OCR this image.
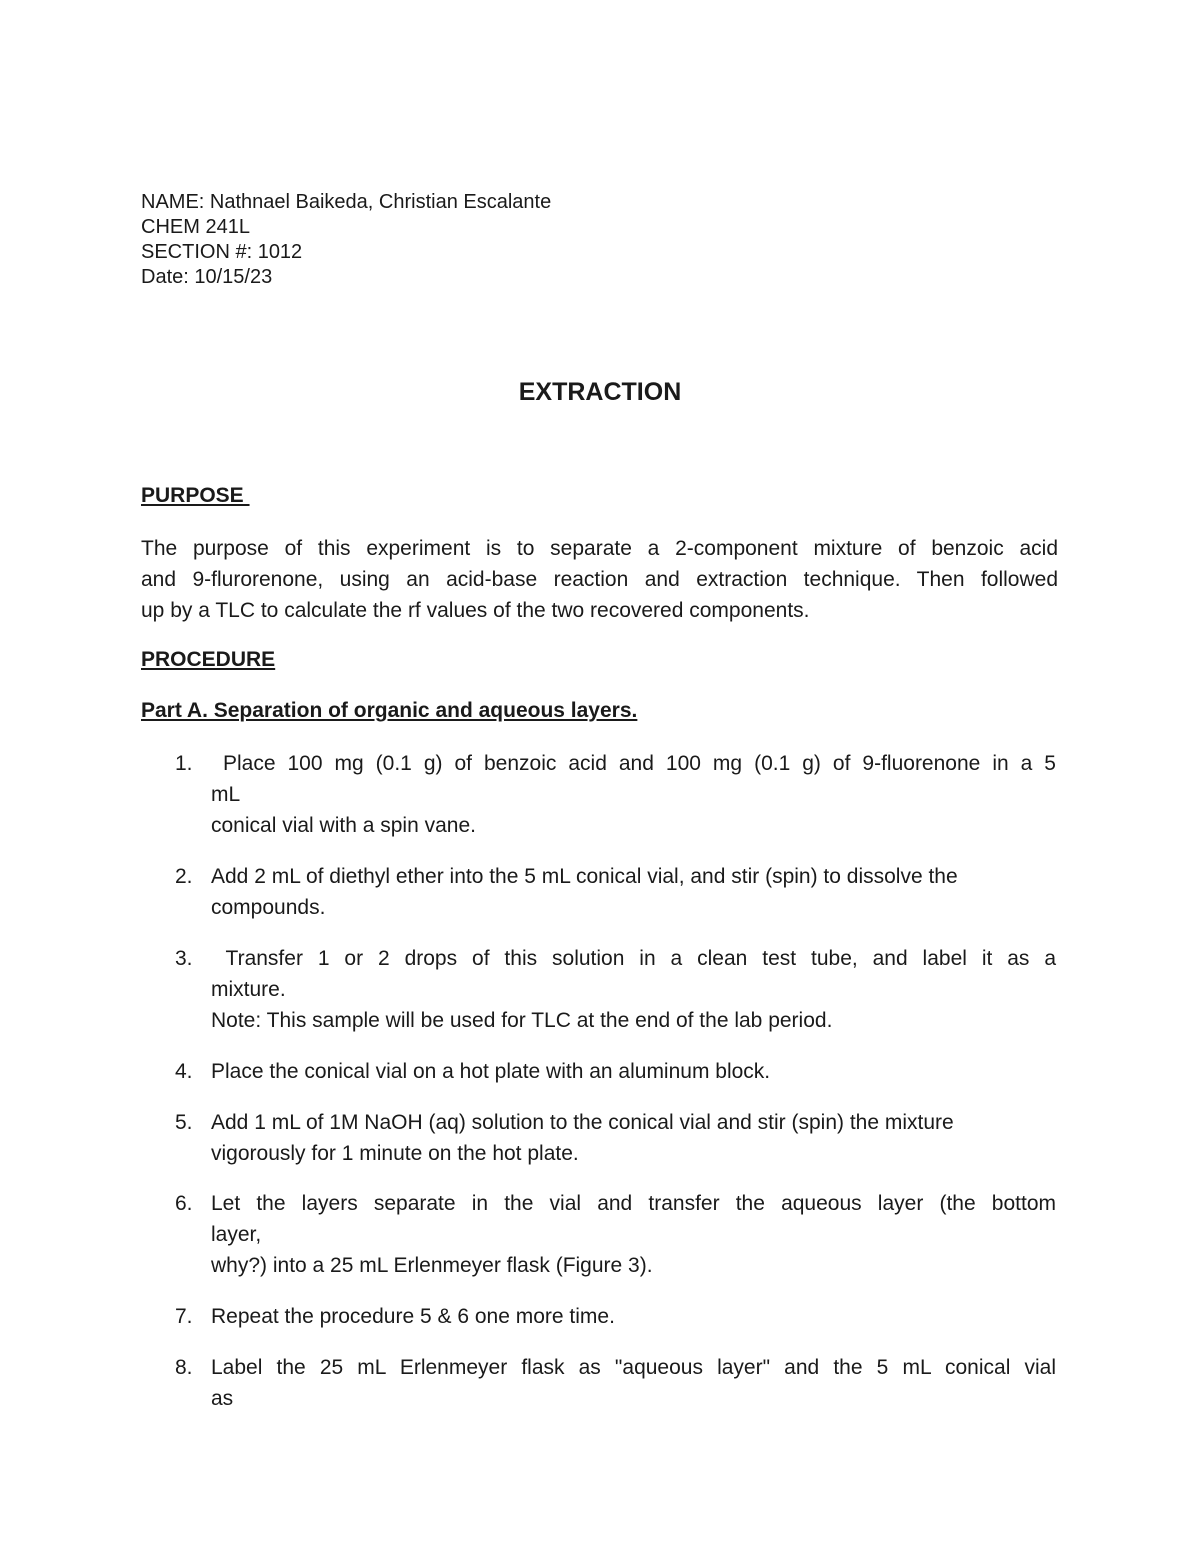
NAME: Nathnael Baikeda, Christian Escalante
CHEM 241L
SECTION #: 1012
Date: 10/15/23
EXTRACTION
PURPOSE
The purpose of this experiment is to separate a 2-component mixture of benzoic acid
and 9-flurorenone, using an acid-base reaction and extraction technique. Then followed
up by a TLC to calculate the rf values of the two recovered components.
PROCEDURE
Part A. Separation of organic and aqueous layers.
1. Place 100 mg (0.1 g) of benzoic acid and 100 mg (0.1 g) of 9-fluorenone in a 5
mL
conical vial with a spin vane.
2. Add 2 mL of diethyl ether into the 5 mL conical vial, and stir (spin) to dissolve the
compounds.
3. Transfer 1 or 2 drops of this solution in a clean test tube, and label it as a
mixture.
Note: This sample will be used for TLC at the end of the lab period.
4. Place the conical vial on a hot plate with an aluminum block.
5. Add 1 mL of 1M NaOH (aq) solution to the conical vial and stir (spin) the mixture
vigorously for 1 minute on the hot plate.
6. Let the layers separate in the vial and transfer the aqueous layer (the bottom
layer,
why?) into a 25 mL Erlenmeyer flask (Figure 3).
7. Repeat the procedure 5 & 6 one more time.
8. Label the 25 mL Erlenmeyer flask as "aqueous layer" and the 5 mL conical vial
as
